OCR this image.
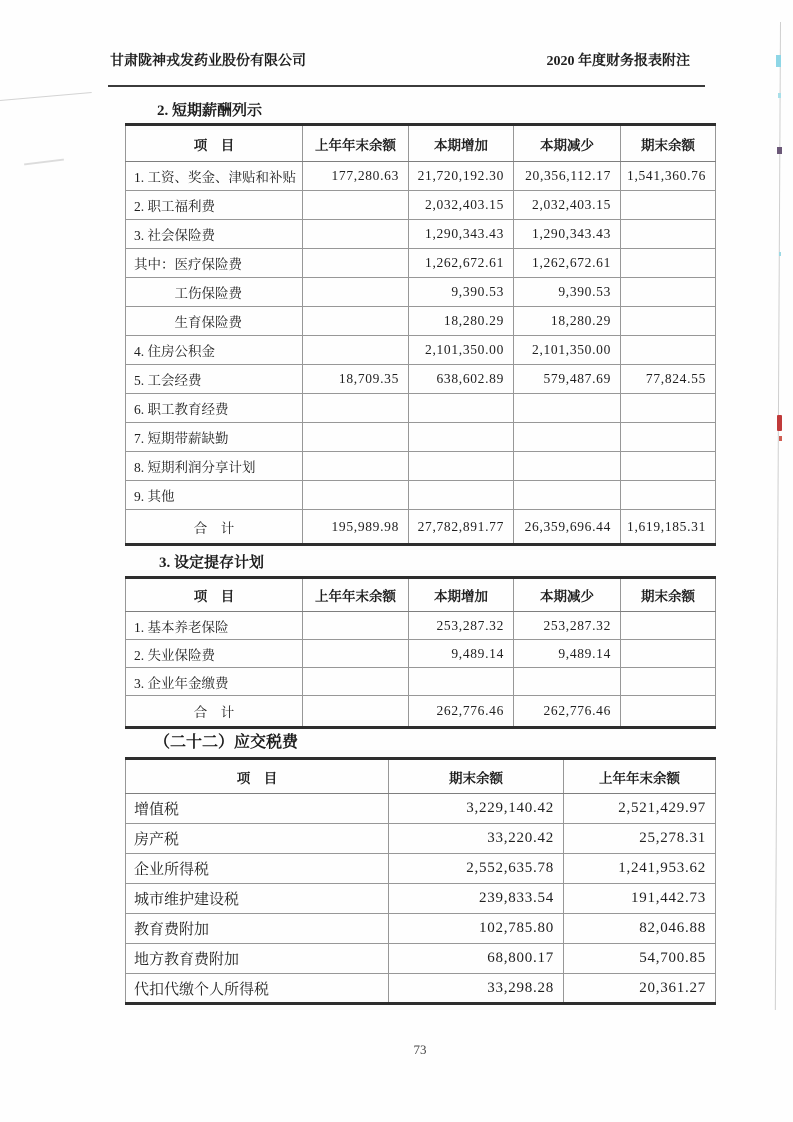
甘肃陇神戎发药业股份有限公司	2020 年度财务报表附注
2. 短期薪酬列示
项　目	上年年末余额	本期增加	本期减少	期末余额
1. 工资、奖金、津贴和补贴	177,280.63	21,720,192.30	20,356,112.17	1,541,360.76
2. 职工福利费		2,032,403.15	2,032,403.15	
3. 社会保险费		1,290,343.43	1,290,343.43	
其中：医疗保险费		1,262,672.61	1,262,672.61	
　　　工伤保险费		9,390.53	9,390.53	
　　　生育保险费		18,280.29	18,280.29	
4. 住房公积金		2,101,350.00	2,101,350.00	
5. 工会经费	18,709.35	638,602.89	579,487.69	77,824.55
6. 职工教育经费				
7. 短期带薪缺勤				
8. 短期利润分享计划				
9. 其他				
合　计	195,989.98	27,782,891.77	26,359,696.44	1,619,185.31
3. 设定提存计划
项　目	上年年末余额	本期增加	本期减少	期末余额
1. 基本养老保险		253,287.32	253,287.32	
2. 失业保险费		9,489.14	9,489.14	
3. 企业年金缴费				
合　计		262,776.46	262,776.46	
（二十二）应交税费
项　目	期末余额	上年年末余额
增值税	3,229,140.42	2,521,429.97
房产税	33,220.42	25,278.31
企业所得税	2,552,635.78	1,241,953.62
城市维护建设税	239,833.54	191,442.73
教育费附加	102,785.80	82,046.88
地方教育费附加	68,800.17	54,700.85
代扣代缴个人所得税	33,298.28	20,361.27
73
